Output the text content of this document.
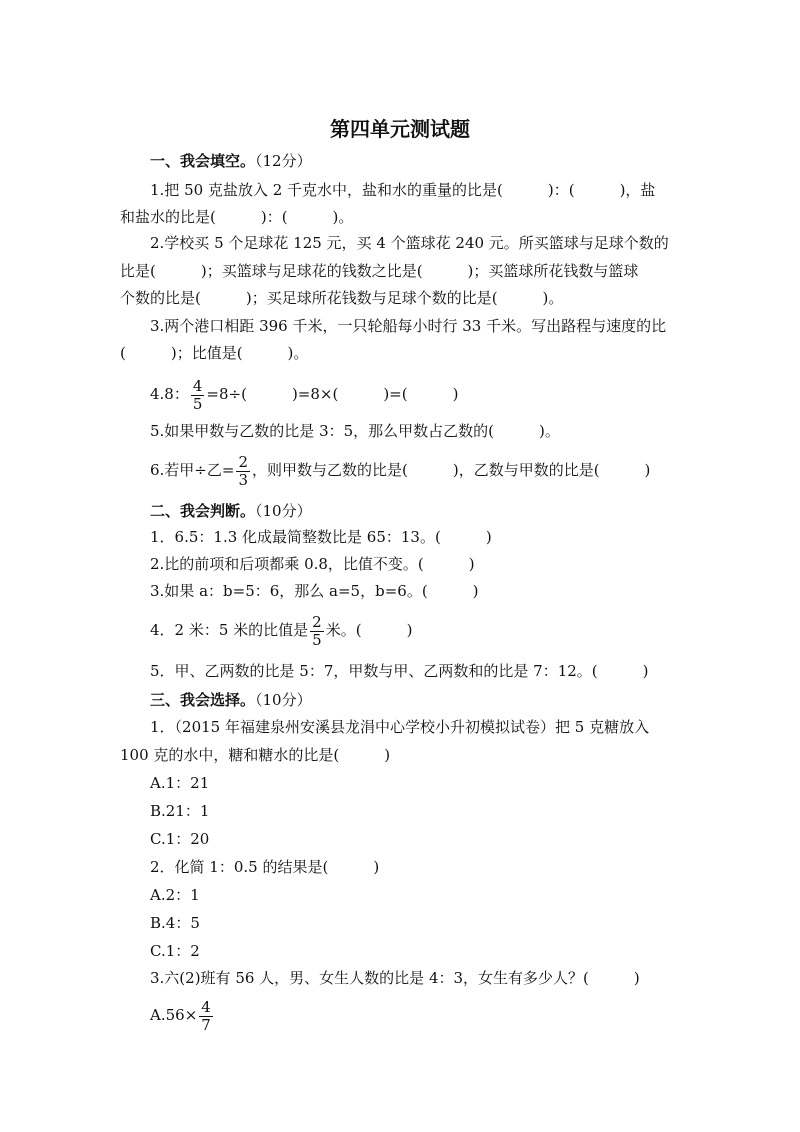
第四单元测试题
一、我会填空。（12分）
1.把 50 克盐放入 2 千克水中，盐和水的重量的比是(　　　)：(　　　)，盐
和盐水的比是(　　　)：(　　　)。
2.学校买 5 个足球花 125 元，买 4 个篮球花 240 元。所买篮球与足球个数的
比是(　　　)；买篮球与足球花的钱数之比是(　　　)；买篮球所花钱数与篮球
个数的比是(　　　)；买足球所花钱数与足球个数的比是(　　　)。
3.两个港口相距 396 千米，一只轮船每小时行 33 千米。写出路程与速度的比
(　　　)；比值是(　　　)。
4.8： $\frac{4}{5} =8\div$(　　　)=8×(　　　)=(　　　)
5.如果甲数与乙数的比是 3：5，那么甲数占乙数的(　　　)。
6.若甲÷乙= $\frac{2}{3}$ ，则甲数与乙数的比是(　　　)，乙数与甲数的比是(　　　)
二、我会判断。（10分）
1．6.5：1.3 化成最简整数比是 65：13。(　　　)
2.比的前项和后项都乘 0.8，比值不变。(　　　)
3.如果 a：b=5：6，那么 a=5，b=6。(　　　)
4．2 米：5 米的比值是 $\frac{2}{5}$ 米。(　　　)
5．甲、乙两数的比是 5：7，甲数与甲、乙两数和的比是 7：12。(　　　)
三、我会选择。（10分）
1．（2015 年福建泉州安溪县龙涓中心学校小升初模拟试卷）把 5 克糖放入
100 克的水中，糖和糖水的比是(　　　)
A.1：21
B.21：1
C.1：20
2．化简 1：0.5 的结果是(　　　)
A.2：1
B.4：5
C.1：2
3.六(2)班有 56 人，男、女生人数的比是 4：3，女生有多少人？(　　　)
$A.56\times \frac{4}{7}$
